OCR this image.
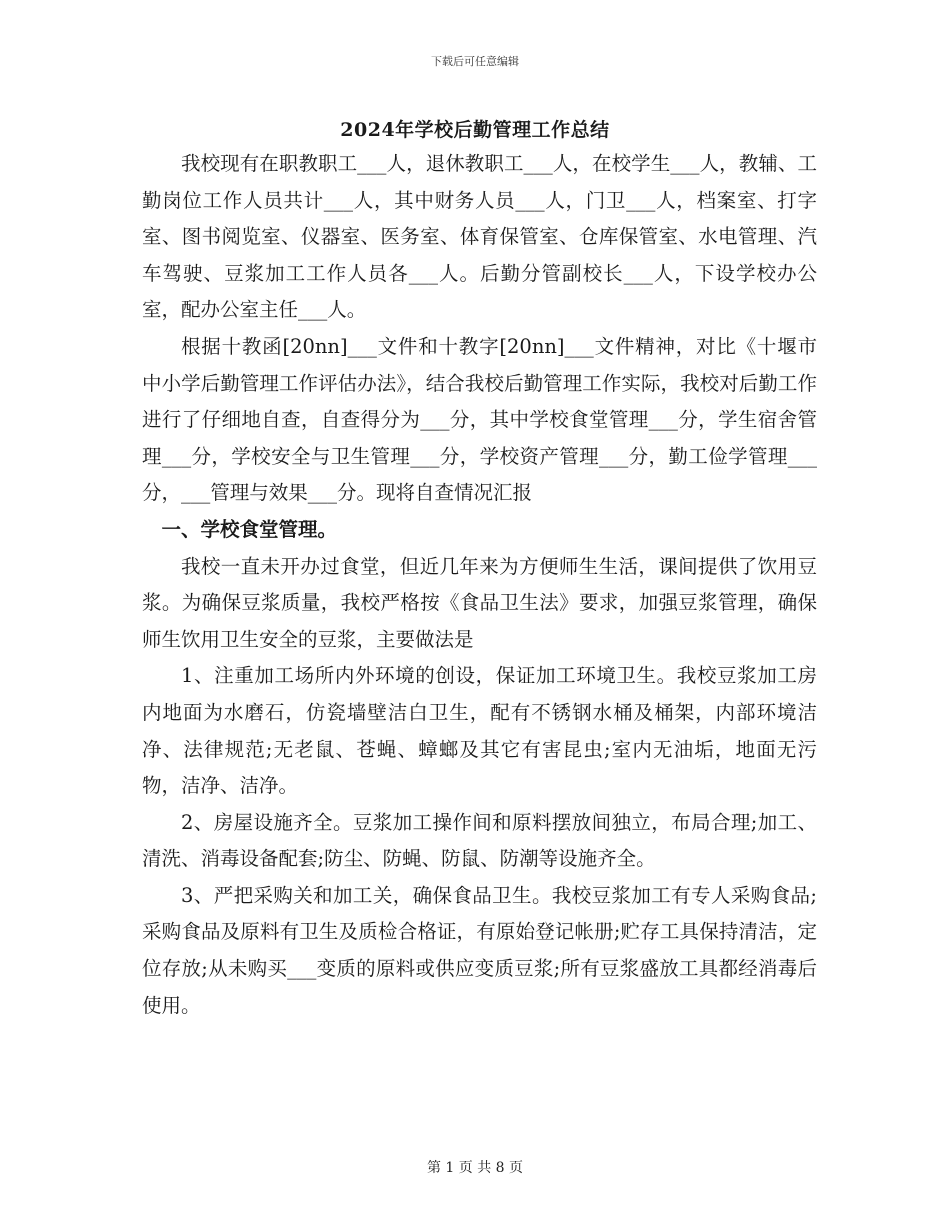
下载后可任意编辑
2024年学校后勤管理工作总结

我校现有在职教职工___人，退休教职工___人，在校学生___人，教辅、工勤岗位工作人员共计___人，其中财务人员___人，门卫___人，档案室、打字室、图书阅览室、仪器室、医务室、体育保管室、仓库保管室、水电管理、汽车驾驶、豆浆加工工作人员各___人。后勤分管副校长___人，下设学校办公室，配办公室主任___人。

根据十教函[20nn]___文件和十教字[20nn]___文件精神，对比《十堰市中小学后勤管理工作评估办法》，结合我校后勤管理工作实际，我校对后勤工作进行了仔细地自查，自查得分为___分，其中学校食堂管理___分，学生宿舍管理___分，学校安全与卫生管理___分，学校资产管理___分，勤工俭学管理___分，___管理与效果___分。现将自查情况汇报

一、学校食堂管理。

我校一直未开办过食堂，但近几年来为方便师生生活，课间提供了饮用豆浆。为确保豆浆质量，我校严格按《食品卫生法》要求，加强豆浆管理，确保师生饮用卫生安全的豆浆，主要做法是

1、注重加工场所内外环境的创设，保证加工环境卫生。我校豆浆加工房内地面为水磨石，仿瓷墙壁洁白卫生，配有不锈钢水桶及桶架，内部环境洁净、法律规范;无老鼠、苍蝇、蟑螂及其它有害昆虫;室内无油垢，地面无污物，洁净、洁净。

2、房屋设施齐全。豆浆加工操作间和原料摆放间独立，布局合理;加工、清洗、消毒设备配套;防尘、防蝇、防鼠、防潮等设施齐全。

3、严把采购关和加工关，确保食品卫生。我校豆浆加工有专人采购食品;采购食品及原料有卫生及质检合格证，有原始登记帐册;贮存工具保持清洁，定位存放;从未购买___变质的原料或供应变质豆浆;所有豆浆盛放工具都经消毒后使用。

第 1 页 共 8 页
